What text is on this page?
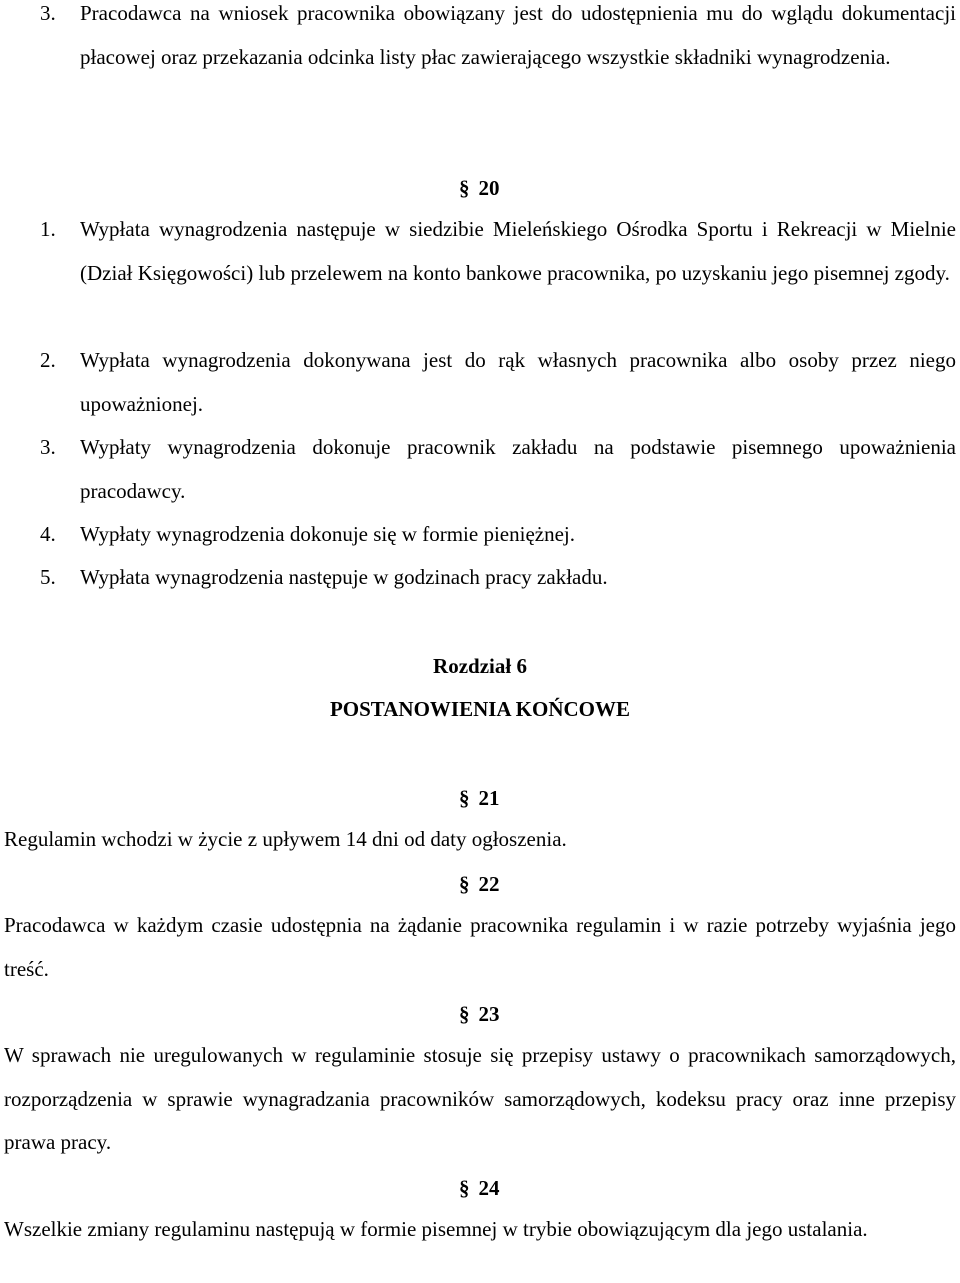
3. Pracodawca na wniosek pracownika obowiązany jest do udostępnienia mu do wglądu dokumentacji płacowej oraz przekazania odcinka listy płac zawierającego wszystkie składniki wynagrodzenia.
§ 20
1. Wypłata wynagrodzenia następuje w siedzibie Mieleńskiego Ośrodka Sportu i Rekreacji w Mielnie (Dział Księgowości) lub przelewem na konto bankowe pracownika, po uzyskaniu jego pisemnej zgody.
2. Wypłata wynagrodzenia dokonywana jest do rąk własnych pracownika albo osoby przez niego upoważnionej.
3. Wypłaty wynagrodzenia dokonuje pracownik zakładu na podstawie pisemnego upoważnienia pracodawcy.
4. Wypłaty wynagrodzenia dokonuje się w formie pieniężnej.
5. Wypłata wynagrodzenia następuje w godzinach pracy zakładu.
Rozdział 6
POSTANOWIENIA KOŃCOWE
§ 21
Regulamin wchodzi w życie z upływem 14 dni od daty ogłoszenia.
§ 22
Pracodawca w każdym czasie udostępnia na żądanie pracownika regulamin i w razie potrzeby wyjaśnia jego treść.
§ 23
W sprawach nie uregulowanych w regulaminie stosuje się przepisy ustawy o pracownikach samorządowych, rozporządzenia w sprawie wynagradzania pracowników samorządowych, kodeksu pracy oraz inne przepisy prawa pracy.
§ 24
Wszelkie zmiany regulaminu następują w formie pisemnej w trybie obowiązującym dla jego ustalania.
